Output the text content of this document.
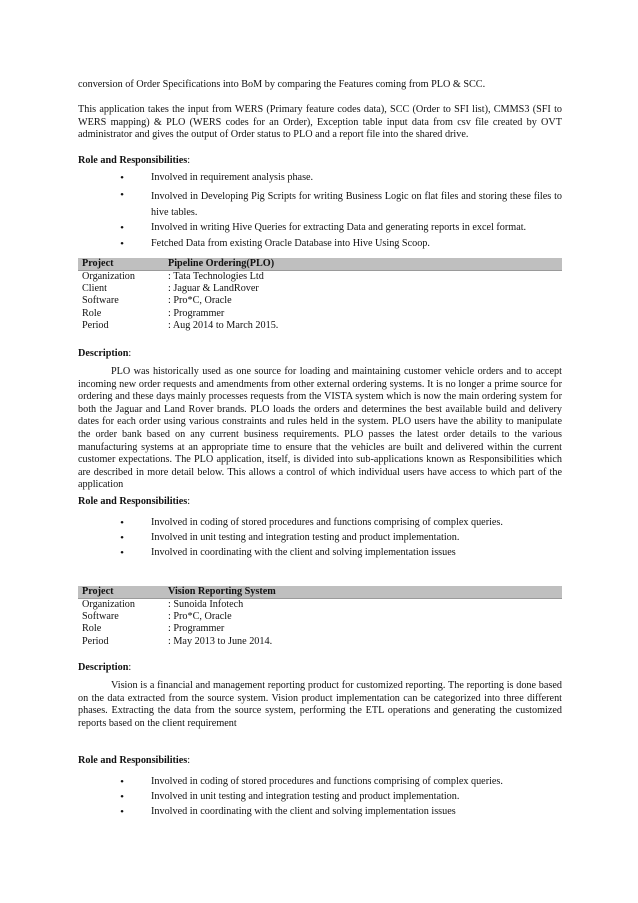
conversion of Order Specifications into BoM by comparing the Features coming from PLO & SCC.
This application takes the input from WERS (Primary feature codes data), SCC (Order to SFI list), CMMS3 (SFI to WERS mapping) & PLO (WERS codes for an Order), Exception table input data from csv file created by OVT administrator and gives the output of Order status to PLO and a report file into the shared drive.
Role and Responsibilities:
•	Involved in requirement analysis phase.
•	Involved in Developing Pig Scripts for writing Business Logic on flat files and storing these files to hive tables.
•	Involved in writing Hive Queries for extracting Data and generating reports in excel format.
•	Fetched Data from existing Oracle Database into Hive Using Scoop.
Project	Pipeline Ordering(PLO)
Organization	: Tata Technologies Ltd
Client	: Jaguar & LandRover
Software	: Pro*C, Oracle
Role	: Programmer
Period	: Aug 2014 to March 2015.
Description:
PLO was historically used as one source for loading and maintaining customer vehicle orders and to accept incoming new order requests and amendments from other external ordering systems. It is no longer a prime source for ordering and these days mainly processes requests from the VISTA system which is now the main ordering system for both the Jaguar and Land Rover brands. PLO loads the orders and determines the best available build and delivery dates for each order using various constraints and rules held in the system. PLO users have the ability to manipulate the order bank based on any current business requirements. PLO passes the latest order details to the various manufacturing systems at an appropriate time to ensure that the vehicles are built and delivered within the current customer expectations. The PLO application, itself, is divided into sub-applications known as Responsibilities which are described in more detail below. This allows a control of which individual users have access to which part of the application
Role and Responsibilities:
•	Involved in coding of stored procedures and functions comprising of complex queries.
•	Involved in unit testing and integration testing and product implementation.
•	Involved in coordinating with the client and solving implementation issues
Project	Vision Reporting System
Organization	: Sunoida Infotech
Software	: Pro*C, Oracle
Role	: Programmer
Period	: May 2013 to June 2014.
Description:
Vision is a financial and management reporting product for customized reporting. The reporting is done based on the data extracted from the source system. Vision product implementation can be categorized into three different phases. Extracting the data from the source system, performing the ETL operations and generating the customized reports based on the client requirement
Role and Responsibilities:
•	Involved in coding of stored procedures and functions comprising of complex queries.
•	Involved in unit testing and integration testing and product implementation.
•	Involved in coordinating with the client and solving implementation issues
